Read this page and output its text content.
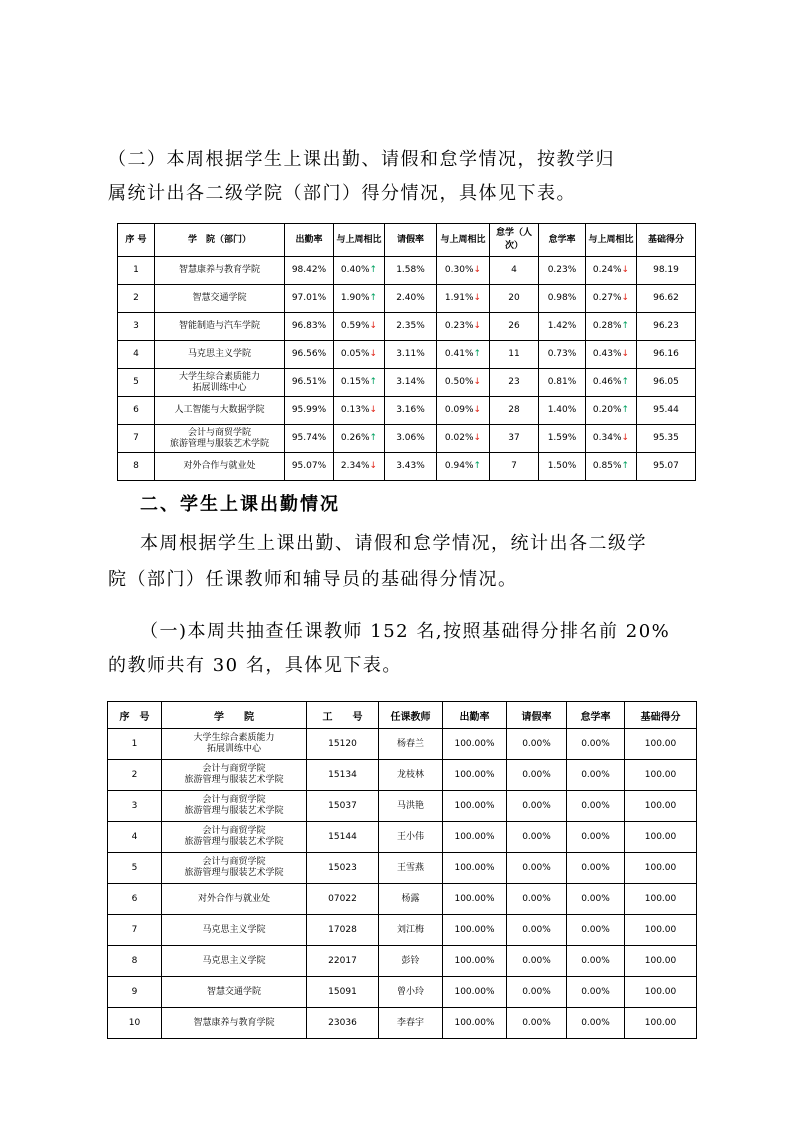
（二）本周根据学生上课出勤、请假和怠学情况，按教学归

属统计出各二级学院（部门）得分情况，具体见下表。

序 号	学　院（部门）	出勤率	与上周相比	请假率	与上周相比	怠学（人次）	怠学率	与上周相比	基础得分
1	智慧康养与教育学院	98.42%	0.40%↑	1.58%	0.30%↓	4	0.23%	0.24%↓	98.19
2	智慧交通学院	97.01%	1.90%↑	2.40%	1.91%↓	20	0.98%	0.27%↓	96.62
3	智能制造与汽车学院	96.83%	0.59%↓	2.35%	0.23%↓	26	1.42%	0.28%↑	96.23
4	马克思主义学院	96.56%	0.05%↓	3.11%	0.41%↑	11	0.73%	0.43%↓	96.16
5	大学生综合素质能力
拓展训练中心	96.51%	0.15%↑	3.14%	0.50%↓	23	0.81%	0.46%↑	96.05
6	人工智能与大数据学院	95.99%	0.13%↓	3.16%	0.09%↓	28	1.40%	0.20%↑	95.44
7	会计与商贸学院
旅游管理与服装艺术学院	95.74%	0.26%↑	3.06%	0.02%↓	37	1.59%	0.34%↓	95.35
8	对外合作与就业处	95.07%	2.34%↓	3.43%	0.94%↑	7	1.50%	0.85%↑	95.07

二、学生上课出勤情况

本周根据学生上课出勤、请假和怠学情况，统计出各二级学

院（部门）任课教师和辅导员的基础得分情况。

（一)本周共抽查任课教师 152 名,按照基础得分排名前 20%

的教师共有 30 名，具体见下表。

序　号	学　　院	工　　号	任课教师	出勤率	请假率	怠学率	基础得分
1	大学生综合素质能力
拓展训练中心	15120	杨春兰	100.00%	0.00%	0.00%	100.00
2	会计与商贸学院
旅游管理与服装艺术学院	15134	龙枝林	100.00%	0.00%	0.00%	100.00
3	会计与商贸学院
旅游管理与服装艺术学院	15037	马洪艳	100.00%	0.00%	0.00%	100.00
4	会计与商贸学院
旅游管理与服装艺术学院	15144	王小伟	100.00%	0.00%	0.00%	100.00
5	会计与商贸学院
旅游管理与服装艺术学院	15023	王雪燕	100.00%	0.00%	0.00%	100.00
6	对外合作与就业处	07022	杨露	100.00%	0.00%	0.00%	100.00
7	马克思主义学院	17028	刘江梅	100.00%	0.00%	0.00%	100.00
8	马克思主义学院	22017	彭铃	100.00%	0.00%	0.00%	100.00
9	智慧交通学院	15091	曾小玲	100.00%	0.00%	0.00%	100.00
10	智慧康养与教育学院	23036	李春宇	100.00%	0.00%	0.00%	100.00
